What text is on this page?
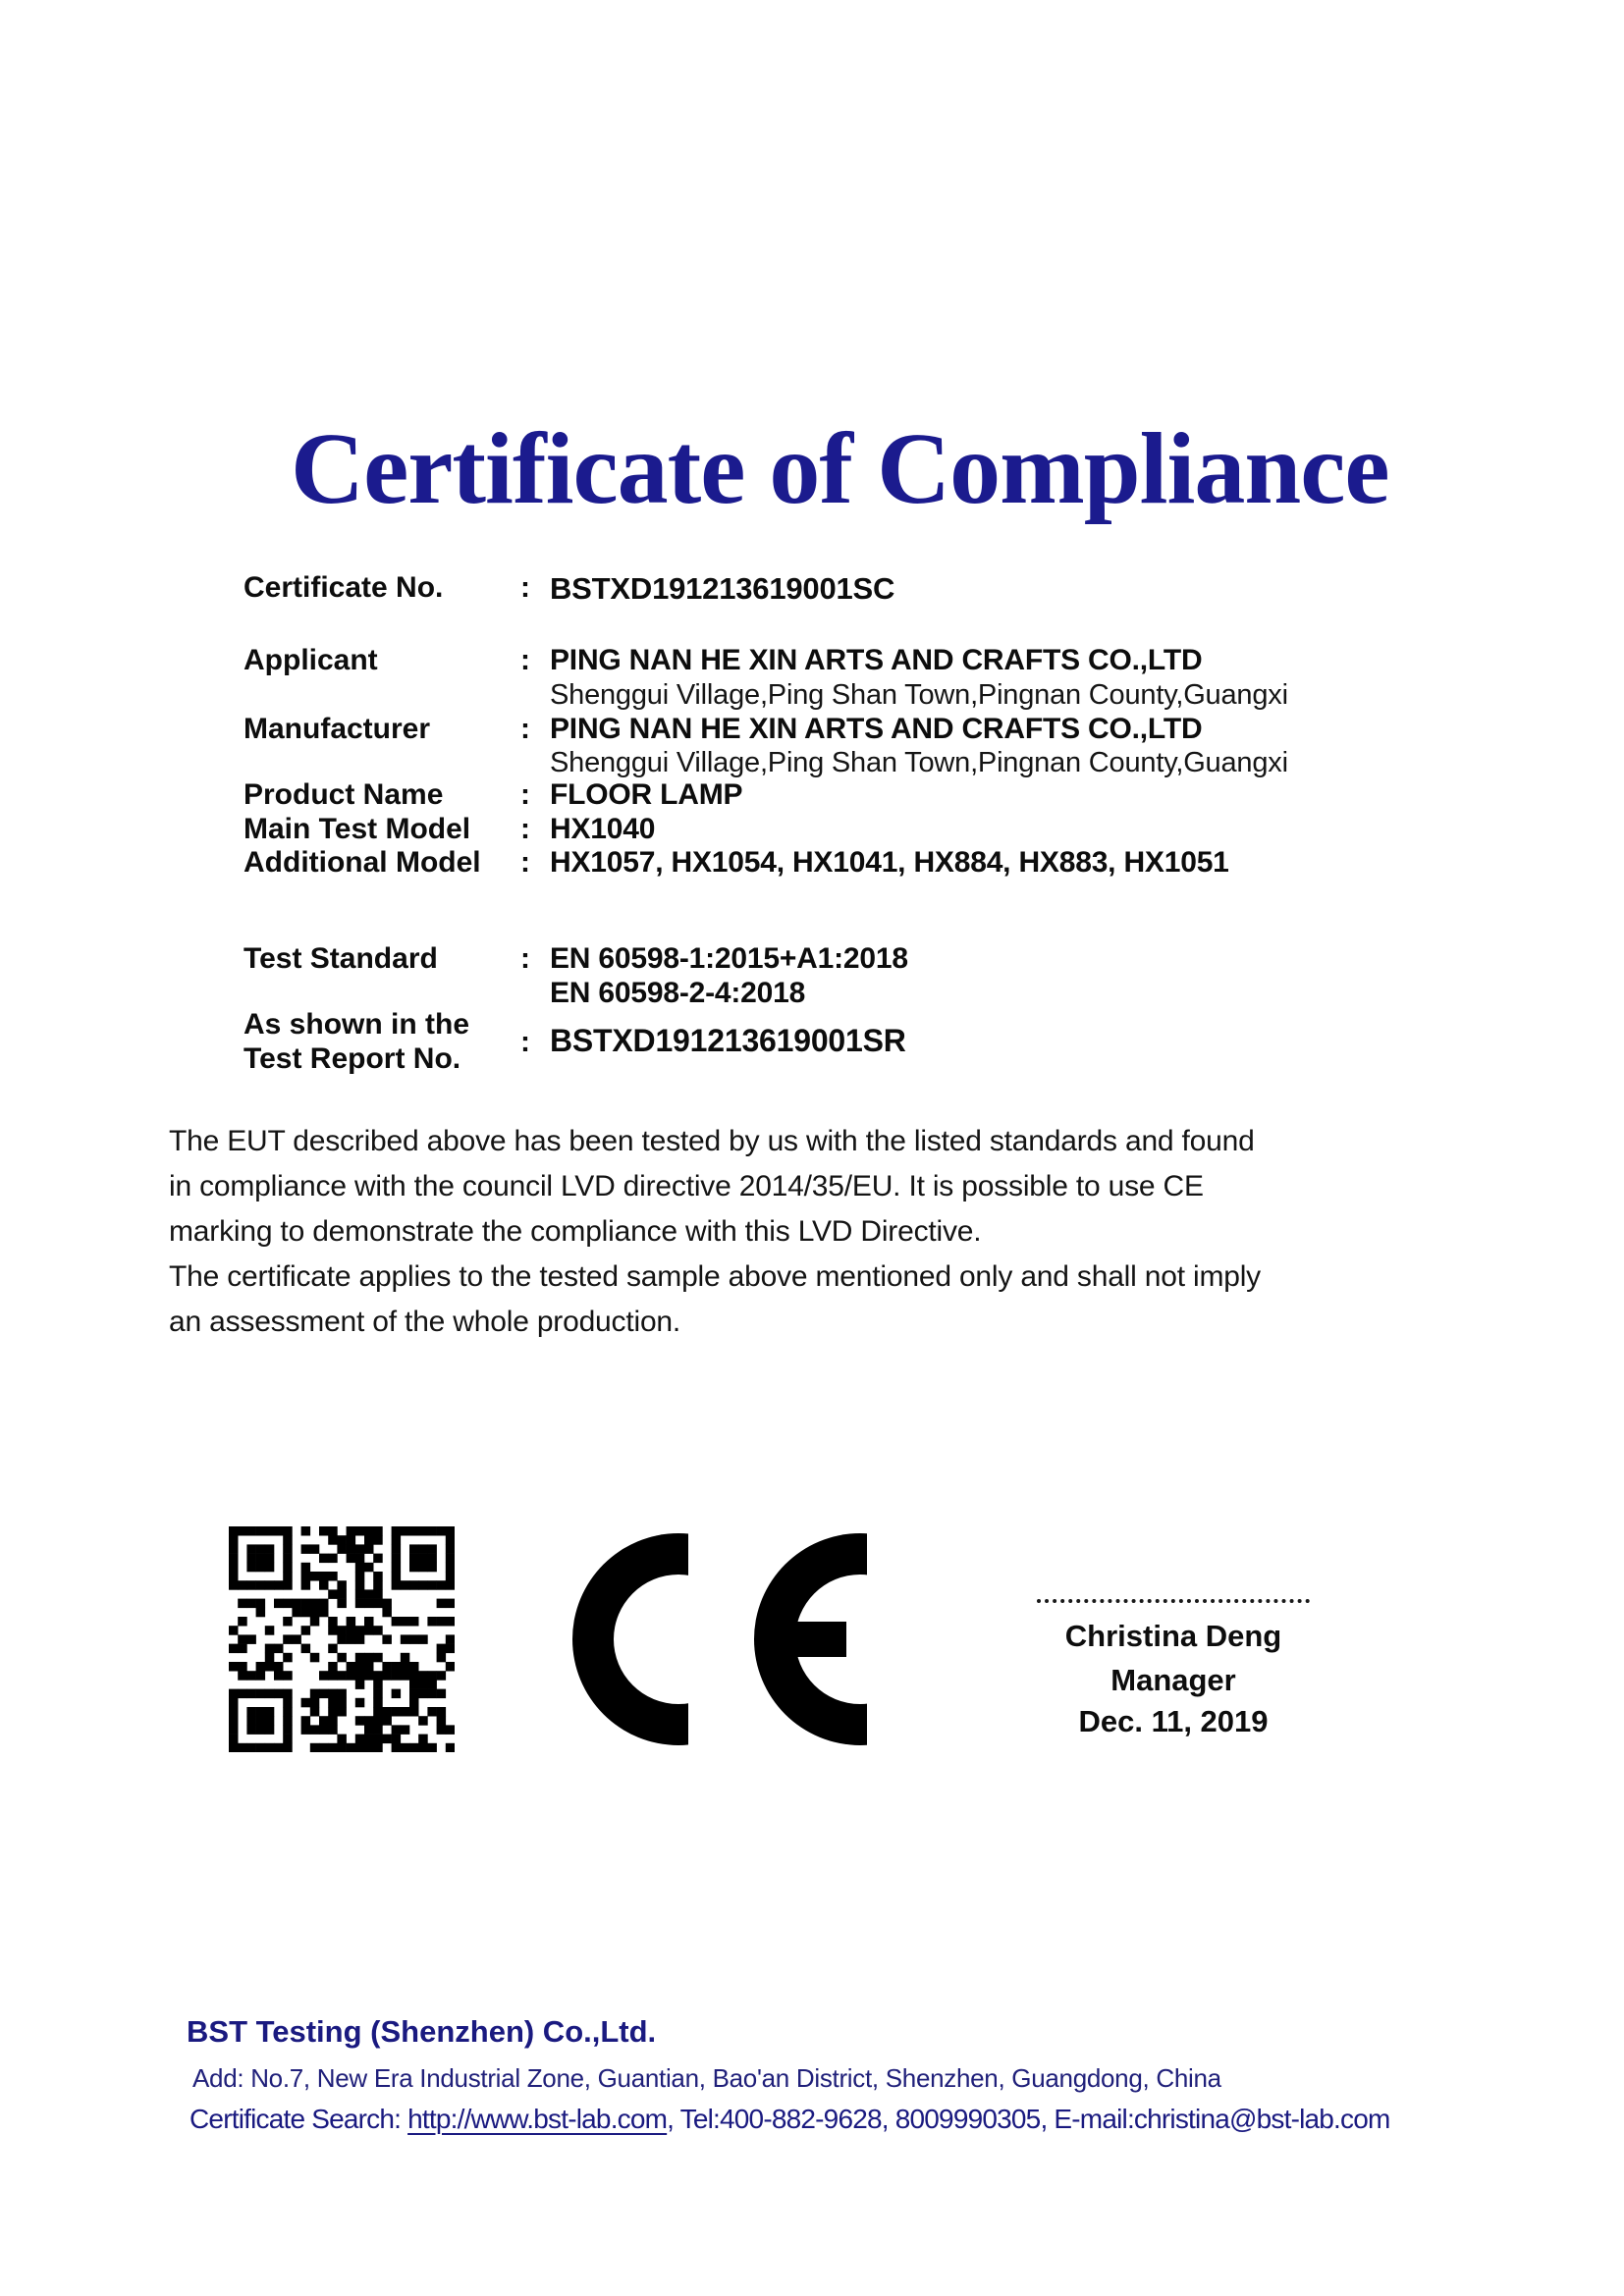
Certificate of Compliance
Certificate No.	: BSTXD191213619001SC
Applicant	: PING NAN HE XIN ARTS AND CRAFTS CO.,LTD
Shenggui Village,Ping Shan Town,Pingnan County,Guangxi
Manufacturer	: PING NAN HE XIN ARTS AND CRAFTS CO.,LTD
Shenggui Village,Ping Shan Town,Pingnan County,Guangxi
Product Name	: FLOOR LAMP
Main Test Model : HX1040
Additional Model : HX1057, HX1054, HX1041, HX884, HX883, HX1051
Test Standard	: EN 60598-1:2015+A1:2018
EN 60598-2-4:2018
As shown in the
Test Report No.
: BSTXD191213619001SR
The EUT described above has been tested by us with the listed standards and found
in compliance with the council LVD directive 2014/35/EU. It is possible to use CE
marking to demonstrate the compliance with this LVD Directive.
The certificate applies to the tested sample above mentioned only and shall not imply
an assessment of the whole production.
Christina Deng
Manager
Dec. 11, 2019
BST Testing (Shenzhen) Co.,Ltd.
Add: No.7, New Era Industrial Zone, Guantian, Bao'an District, Shenzhen, Guangdong, China
Certificate Search: http://www.bst-lab.com, Tel:400-882-9628, 8009990305, E-mail:christina@bst-lab.com
